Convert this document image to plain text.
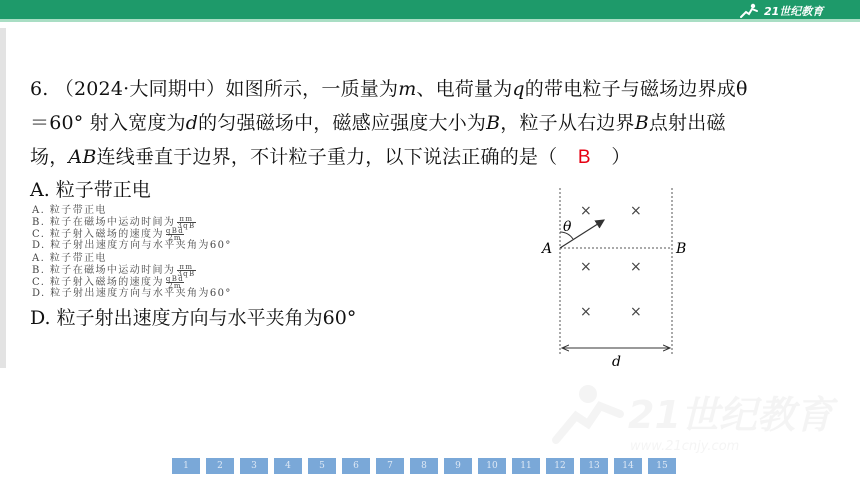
21世纪教育
6. （2024·大同期中）如图所示，一质量为m、电荷量为q的带电粒子与磁场边界成θ
＝60° 射入宽度为d的匀强磁场中，磁感应强度大小为B，粒子从右边界B点射出磁
场，AB连线垂直于边界，不计粒子重力，以下说法正确的是（ B ）
A. 粒子带正电
A. 粒子带正电
B. 粒子在磁场中运动时间为 $\frac{\pi m}{3qB}$
C. 粒子射入磁场的速度为 $\frac{\text{qBd}}{2m}$
D. 粒子射出速度方向与水平夹角为60°
A. 粒子带正电
B. 粒子在磁场中运动时间为 $\frac{\pi m}{3qB}$
C. 粒子射入磁场的速度为 $\frac{\text{qBd}}{2m}$
D. 粒子射出速度方向与水平夹角为60°
D. 粒子射出速度方向与水平夹角为60°
θ
A	B
×	×
×	×
×	×
d
21世纪教育
www.21cnjy.com
1	2	3	4	5	6	7	8	9	10	11	12	13	14	15
